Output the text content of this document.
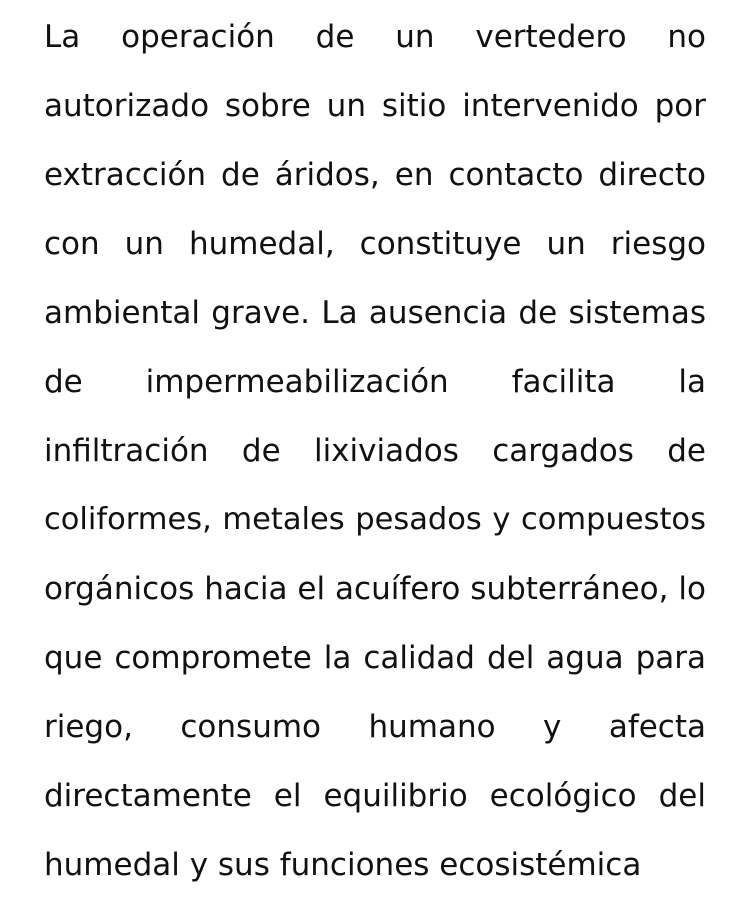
La operación de un vertedero no
autorizado sobre un sitio intervenido por
extracción de áridos, en contacto directo
con un humedal, constituye un riesgo
ambiental grave. La ausencia de sistemas
de impermeabilización facilita la
infiltración de lixiviados cargados de
coliformes, metales pesados y compuestos
orgánicos hacia el acuífero subterráneo, lo
que compromete la calidad del agua para
riego, consumo humano y afecta
directamente el equilibrio ecológico del
humedal y sus funciones ecosistémica
